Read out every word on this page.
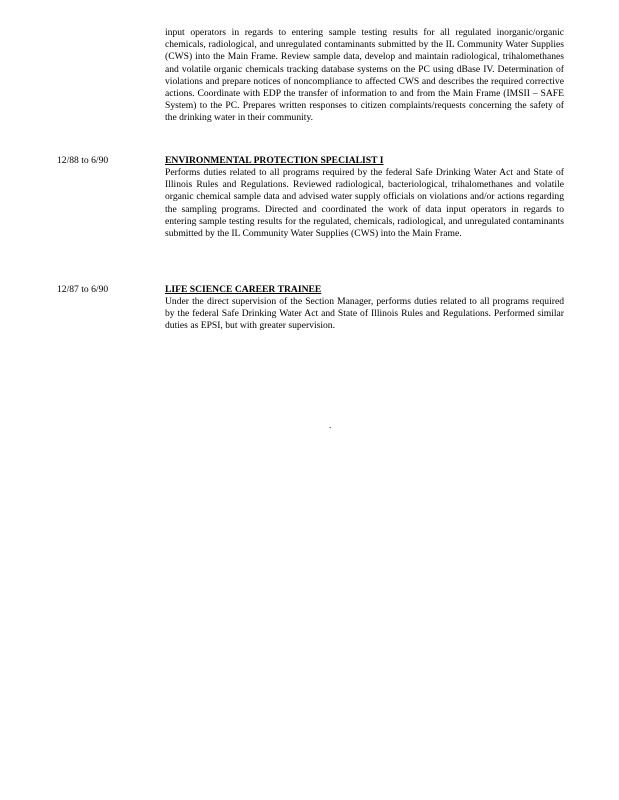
input operators in regards to entering sample testing results for all regulated inorganic/organic chemicals, radiological, and unregulated contaminants submitted by the IL Community Water Supplies (CWS) into the Main Frame. Review sample data, develop and maintain radiological, trihalomethanes and volatile organic chemicals tracking database systems on the PC using dBase IV. Determination of violations and prepare notices of noncompliance to affected CWS and describes the required corrective actions. Coordinate with EDP the transfer of information to and from the Main Frame (IMSII – SAFE System) to the PC. Prepares written responses to citizen complaints/requests concerning the safety of the drinking water in their community.

12/88 to 6/90	ENVIRONMENTAL PROTECTION SPECIALIST I

Performs duties related to all programs required by the federal Safe Drinking Water Act and State of Illinois Rules and Regulations. Reviewed radiological, bacteriological, trihalomethanes and volatile organic chemical sample data and advised water supply officials on violations and/or actions regarding the sampling programs. Directed and coordinated the work of data input operators in regards to entering sample testing results for the regulated, chemicals, radiological, and unregulated contaminants submitted by the IL Community Water Supplies (CWS) into the Main Frame.

12/87 to 6/90	LIFE SCIENCE CAREER TRAINEE

Under the direct supervision of the Section Manager, performs duties related to all programs required by the federal Safe Drinking Water Act and State of Illinois Rules and Regulations. Performed similar duties as EPSI, but with greater supervision.

.
